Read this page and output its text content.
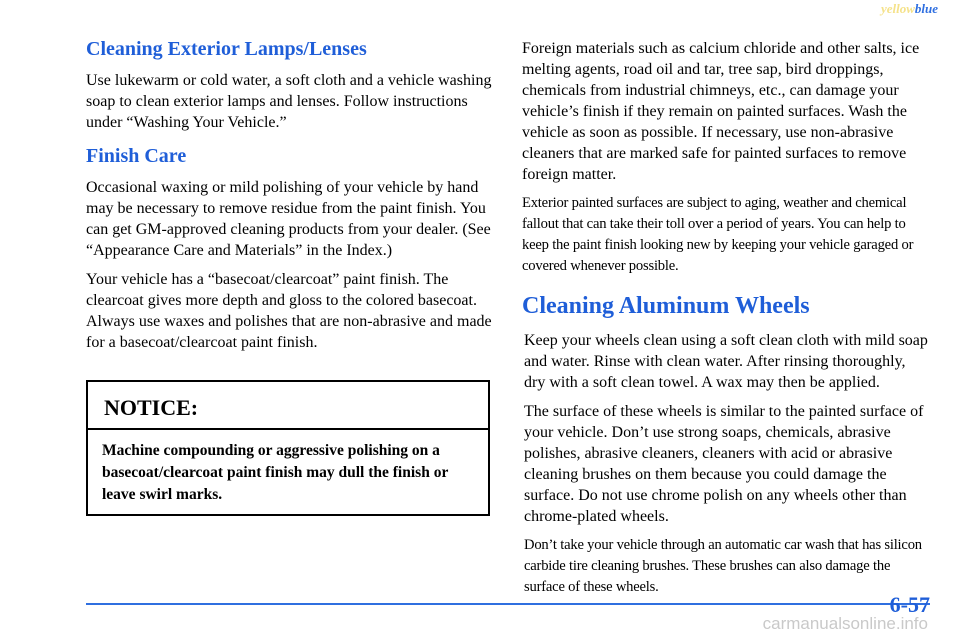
yellowblue
Cleaning Exterior Lamps/Lenses

Use lukewarm or cold water, a soft cloth and a vehicle washing soap to clean exterior lamps and lenses. Follow instructions under “Washing Your Vehicle.”

Finish Care

Occasional waxing or mild polishing of your vehicle by hand may be necessary to remove residue from the paint finish. You can get GM-approved cleaning products from your dealer. (See “Appearance Care and Materials” in the Index.)

Your vehicle has a “basecoat/clearcoat” paint finish. The clearcoat gives more depth and gloss to the colored basecoat. Always use waxes and polishes that are non-abrasive and made for a basecoat/clearcoat paint finish.

NOTICE:
Machine compounding or aggressive polishing on a basecoat/clearcoat paint finish may dull the finish or leave swirl marks.

Foreign materials such as calcium chloride and other salts, ice melting agents, road oil and tar, tree sap, bird droppings, chemicals from industrial chimneys, etc., can damage your vehicle’s finish if they remain on painted surfaces. Wash the vehicle as soon as possible. If necessary, use non-abrasive cleaners that are marked safe for painted surfaces to remove foreign matter.

Exterior painted surfaces are subject to aging, weather and chemical fallout that can take their toll over a period of years. You can help to keep the paint finish looking new by keeping your vehicle garaged or covered whenever possible.

Cleaning Aluminum Wheels

Keep your wheels clean using a soft clean cloth with mild soap and water. Rinse with clean water. After rinsing thoroughly, dry with a soft clean towel. A wax may then be applied.

The surface of these wheels is similar to the painted surface of your vehicle. Don’t use strong soaps, chemicals, abrasive polishes, abrasive cleaners, cleaners with acid or abrasive cleaning brushes on them because you could damage the surface. Do not use chrome polish on any wheels other than chrome-plated wheels.

Don’t take your vehicle through an automatic car wash that has silicon carbide tire cleaning brushes. These brushes can also damage the surface of these wheels.

6-57
carmanualsonline.info
